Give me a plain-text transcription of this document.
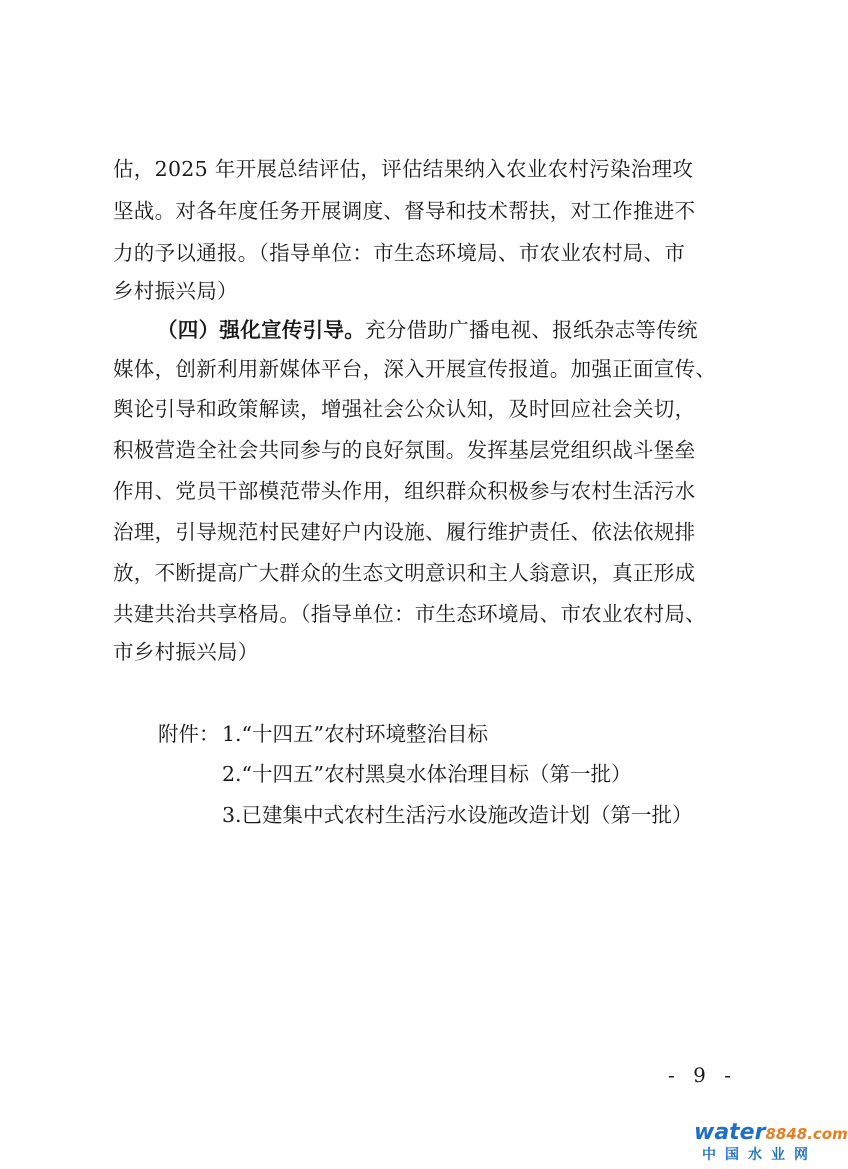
估，2025 年开展总结评估，评估结果纳入农业农村污染治理攻
坚战。对各年度任务开展调度、督导和技术帮扶，对工作推进不
力的予以通报。（指导单位：市生态环境局、市农业农村局、市
乡村振兴局）
（四）强化宣传引导。充分借助广播电视、报纸杂志等传统
媒体，创新利用新媒体平台，深入开展宣传报道。加强正面宣传、
舆论引导和政策解读，增强社会公众认知，及时回应社会关切，
积极营造全社会共同参与的良好氛围。发挥基层党组织战斗堡垒
作用、党员干部模范带头作用，组织群众积极参与农村生活污水
治理，引导规范村民建好户内设施、履行维护责任、依法依规排
放，不断提高广大群众的生态文明意识和主人翁意识，真正形成
共建共治共享格局。（指导单位：市生态环境局、市农业农村局、
市乡村振兴局）
附件： 1.“十四五”农村环境整治目标
2.“十四五”农村黑臭水体治理目标（第一批）
3.已建集中式农村生活污水设施改造计划（第一批）
- 9 -
water8848.com
中国水业网
